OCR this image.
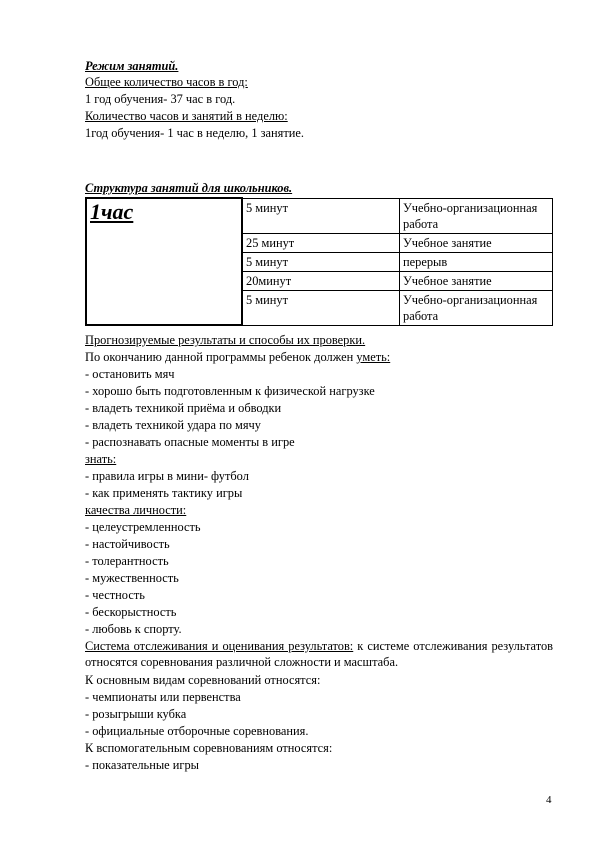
Режим занятий.
Общее количество часов в год:
1 год обучения- 37 час в год.
Количество часов и занятий в неделю:
1год обучения- 1 час в неделю, 1 занятие.
Структура занятий для школьников.
1час	5 минут	Учебно-организационная работа
	25 минут	Учебное занятие
	5 минут	перерыв
	20минут	Учебное занятие
	5 минут	Учебно-организационная работа
Прогнозируемые результаты и способы их проверки.
По окончанию данной программы ребенок должен уметь:
- остановить мяч
- хорошо быть подготовленным к физической нагрузке
- владеть техникой приёма и обводки
- владеть техникой удара по мячу
- распознавать опасные моменты в игре
знать:
- правила игры в мини- футбол
- как применять тактику игры
качества личности:
- целеустремленность
- настойчивость
- толерантность
- мужественность
- честность
- бескорыстность
- любовь к спорту.
Система отслеживания и оценивания результатов: к системе отслеживания результатов относятся соревнования различной сложности и масштаба.
К основным видам соревнований относятся:
- чемпионаты или первенства
- розыгрыши кубка
- официальные отборочные соревнования.
К вспомогательным соревнованиям относятся:
- показательные игры
4
